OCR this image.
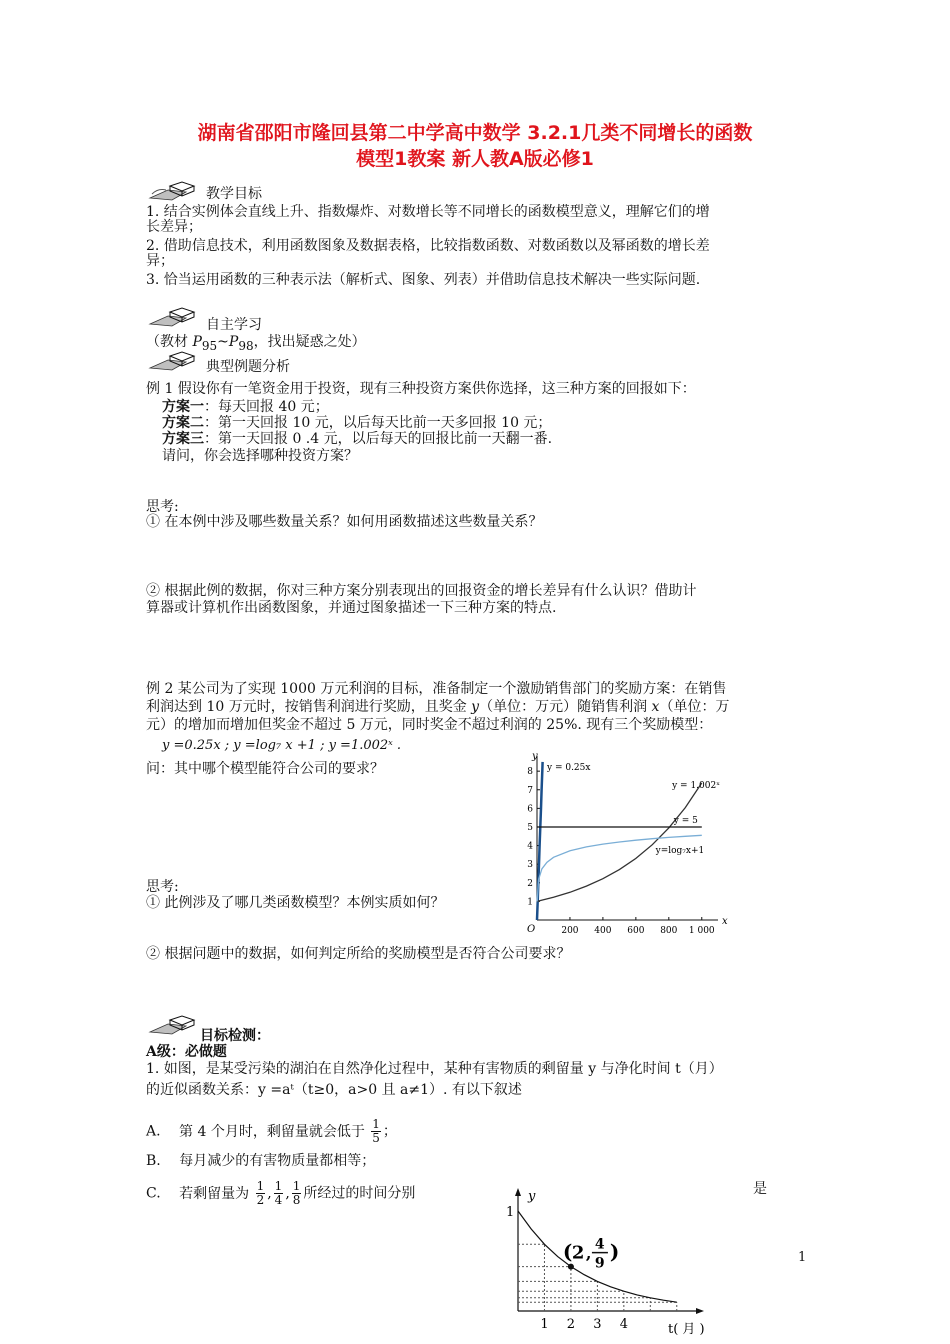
湖南省邵阳市隆回县第二中学高中数学 3.2.1几类不同增长的函数
模型1教案 新人教A版必修1
教学目标
1. 结合实例体会直线上升、指数爆炸、对数增长等不同增长的函数模型意义，理解它们的增
长差异；
2. 借助信息技术，利用函数图象及数据表格，比较指数函数、对数函数以及幂函数的增长差
异；
3. 恰当运用函数的三种表示法（解析式、图象、列表）并借助信息技术解决一些实际问题.
自主学习
（教材 $P_{95}\sim P_{98}$，找出疑惑之处）
典型例题分析
例 1 假设你有一笔资金用于投资，现有三种投资方案供你选择，这三种方案的回报如下：
方案一：每天回报 40 元；
方案二：第一天回报 10 元，以后每天比前一天多回报 10 元；
方案三：第一天回报 0 .4 元，以后每天的回报比前一天翻一番.
请问，你会选择哪种投资方案？
思考:
① 在本例中涉及哪些数量关系？如何用函数描述这些数量关系？
② 根据此例的数据，你对三种方案分别表现出的回报资金的增长差异有什么认识？借助计
算器或计算机作出函数图象，并通过图象描述一下三种方案的特点.
例 2 某公司为了实现 1000 万元利润的目标，准备制定一个激励销售部门的奖励方案：在销售
利润达到 10 万元时，按销售利润进行奖励，且奖金 y（单位：万元）随销售利润 x（单位：万
元）的增加而增加但奖金不超过 5 万元，同时奖金不超过利润的 25%. 现有三个奖励模型：
y =0.25x ; y =log₇ x +1 ; y =1.002ˣ .
问：其中哪个模型能符合公司的要求？
x
y
O	200 400 600 800 1 000
1
2
3
4
5
6
7
8 y = 0.25x
y = 1.002ˣ
y = 5
y=log₇x+1
思考:
① 此例涉及了哪几类函数模型？本例实质如何？
② 根据问题中的数据，如何判定所给的奖励模型是否符合公司要求？
目标检测：
A级：必做题
1. 如图，是某受污染的湖泊在自然净化过程中，某种有害物质的剩留量 y 与净化时间 t（月）
的近似函数关系：y =aᵗ（t≥0，a>0 且 a≠1）. 有以下叙述
A. 第 4 个月时，剩留量就会低于 $\frac{1}{5}$ ；
B. 每月减少的有害物质量都相等；
C. 若剩留量为 $\frac{1}{2}$ , $\frac{1}{4}$ , $\frac{1}{8}$ 所经过的时间分别	是
y
t( 月 )
1
1 2 3 4
( 2 , 4
9 )	1
